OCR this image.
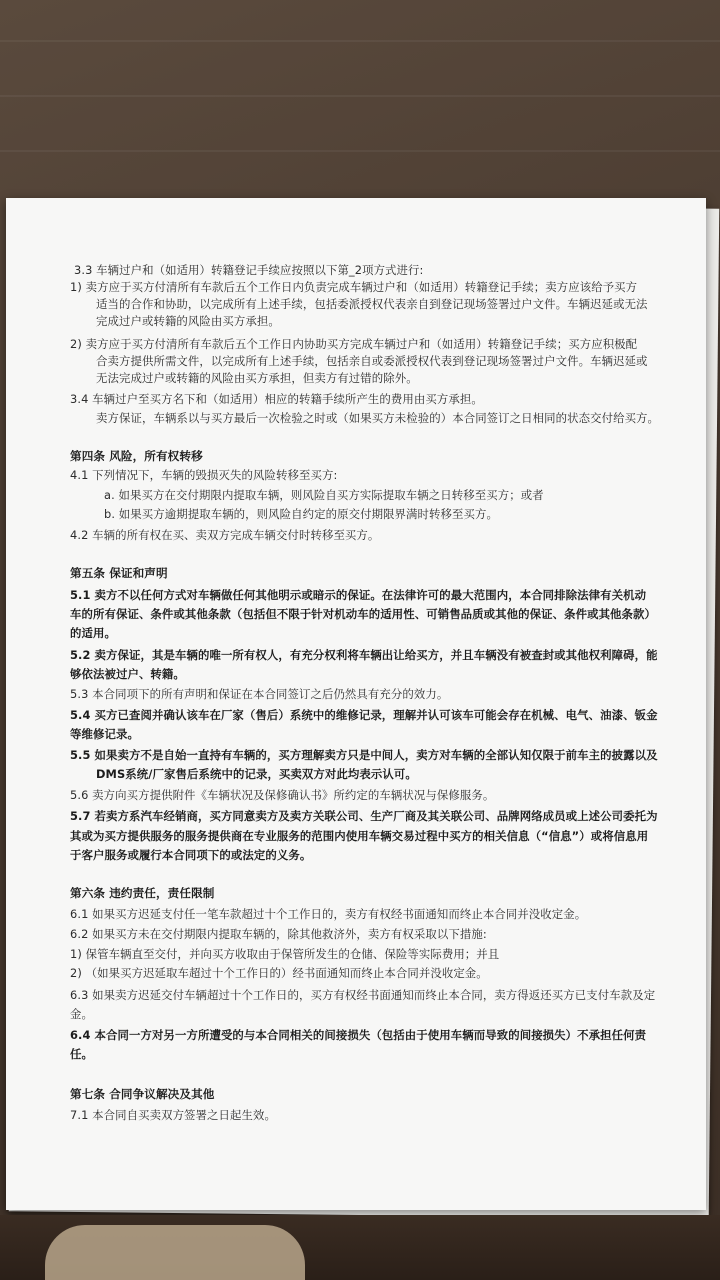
3.3 车辆过户和（如适用）转籍登记手续应按照以下第_2项方式进行:
1) 卖方应于买方付清所有车款后五个工作日内负责完成车辆过户和（如适用）转籍登记手续；卖方应该给予买方
适当的合作和协助，以完成所有上述手续，包括委派授权代表亲自到登记现场签署过户文件。车辆迟延或无法
完成过户或转籍的风险由买方承担。
2) 卖方应于买方付清所有车款后五个工作日内协助买方完成车辆过户和（如适用）转籍登记手续；买方应积极配
合卖方提供所需文件，以完成所有上述手续，包括亲自或委派授权代表到登记现场签署过户文件。车辆迟延或
无法完成过户或转籍的风险由买方承担，但卖方有过错的除外。
3.4 车辆过户至买方名下和（如适用）相应的转籍手续所产生的费用由买方承担。
卖方保证，车辆系以与买方最后一次检验之时或（如果买方未检验的）本合同签订之日相同的状态交付给买方。
第四条 风险，所有权转移
4.1 下列情况下，车辆的毁损灭失的风险转移至买方:
a. 如果买方在交付期限内提取车辆，则风险自买方实际提取车辆之日转移至买方；或者
b. 如果买方逾期提取车辆的，则风险自约定的原交付期限界满时转移至买方。
4.2 车辆的所有权在买、卖双方完成车辆交付时转移至买方。
第五条 保证和声明
5.1 卖方不以任何方式对车辆做任何其他明示或暗示的保证。在法律许可的最大范围内，本合同排除法律有关机动
车的所有保证、条件或其他条款（包括但不限于针对机动车的适用性、可销售品质或其他的保证、条件或其他条款）
的适用。
5.2 卖方保证，其是车辆的唯一所有权人，有充分权利将车辆出让给买方，并且车辆没有被查封或其他权利障碍，能
够依法被过户、转籍。
5.3 本合同项下的所有声明和保证在本合同签订之后仍然具有充分的效力。
5.4 买方已查阅并确认该车在厂家（售后）系统中的维修记录，理解并认可该车可能会存在机械、电气、油漆、钣金
等维修记录。
5.5 如果卖方不是自始一直持有车辆的，买方理解卖方只是中间人，卖方对车辆的全部认知仅限于前车主的披露以及
DMS系统/厂家售后系统中的记录，买卖双方对此均表示认可。
5.6 卖方向买方提供附件《车辆状况及保修确认书》所约定的车辆状况与保修服务。
5.7 若卖方系汽车经销商，买方同意卖方及卖方关联公司、生产厂商及其关联公司、品牌网络成员或上述公司委托为
其或为买方提供服务的服务提供商在专业服务的范围内使用车辆交易过程中买方的相关信息（“信息”）或将信息用
于客户服务或履行本合同项下的或法定的义务。
第六条 违约责任，责任限制
6.1 如果买方迟延支付任一笔车款超过十个工作日的，卖方有权经书面通知而终止本合同并没收定金。
6.2 如果买方未在交付期限内提取车辆的，除其他救济外，卖方有权采取以下措施:
1) 保管车辆直至交付，并向买方收取由于保管所发生的仓储、保险等实际费用；并且
2) （如果买方迟延取车超过十个工作日的）经书面通知而终止本合同并没收定金。
6.3 如果卖方迟延交付车辆超过十个工作日的，买方有权经书面通知而终止本合同，卖方得返还买方已支付车款及定
金。
6.4 本合同一方对另一方所遭受的与本合同相关的间接损失（包括由于使用车辆而导致的间接损失）不承担任何责
任。
第七条 合同争议解决及其他
7.1 本合同自买卖双方签署之日起生效。
